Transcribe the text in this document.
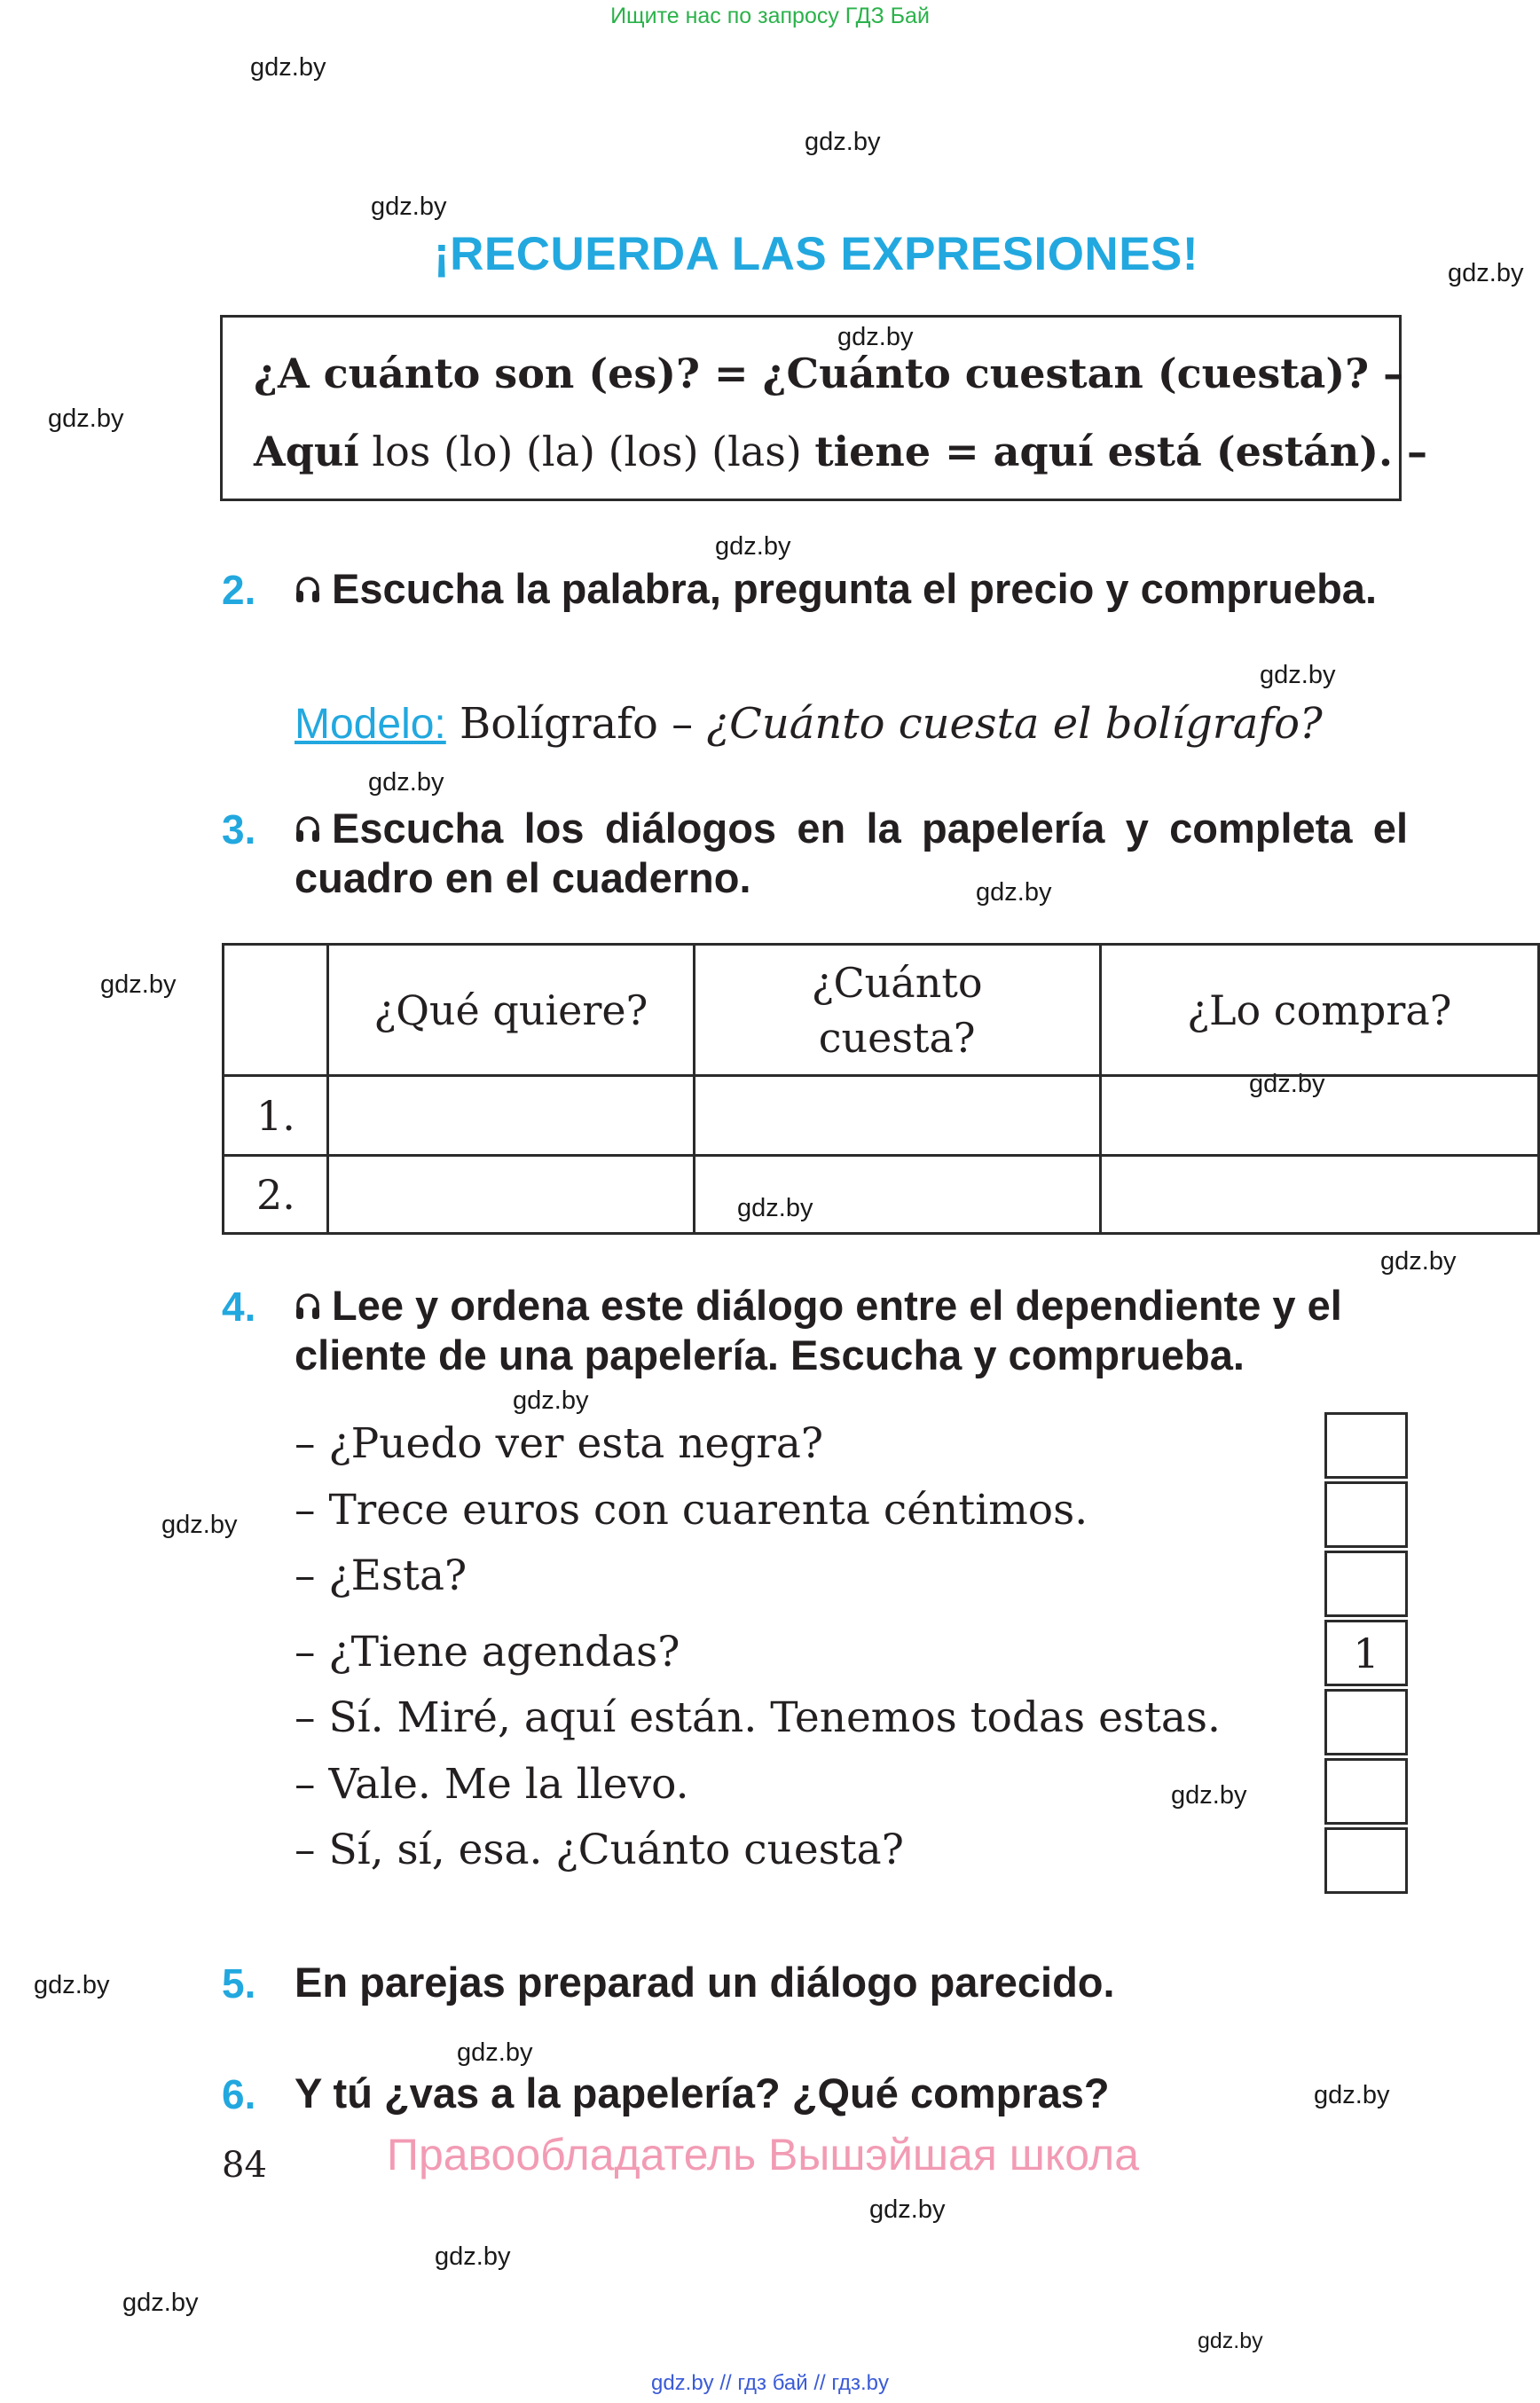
Ищите нас по запросу ГДЗ Бай
gdz.by
gdz.by
gdz.by
gdz.by
gdz.by
gdz.by
gdz.by
gdz.by
gdz.by
gdz.by
gdz.by
gdz.by
gdz.by
gdz.by
gdz.by
gdz.by
gdz.by
gdz.by
gdz.by
gdz.by
gdz.by
gdz.by
gdz.by
gdz.by
¡RECUERDA LAS EXPRESIONES!
¿A cuánto son (es)? = ¿Cuánto cuestan (cuesta)? –
Aquí los (lo) (la) (los) (las) tiene = aquí está (están). –
2.	Escucha la palabra, pregunta el precio y comprueba.
Modelo: Bolígrafo – ¿Cuánto cuesta el bolígrafo?
3.	Escucha los diálogos en la papelería y completa el cuadro en el cuaderno.
	¿Qué quiere?	¿Cuánto cuesta?	¿Lo compra?
1.			
2.			
4.	Lee y ordena este diálogo entre el dependiente y el cliente de una papelería. Escucha y comprueba.
– ¿Puedo ver esta negra?
– Trece euros con cuarenta céntimos.
– ¿Esta?
– ¿Tiene agendas?
– Sí. Miré, aquí están. Tenemos todas estas.
– Vale. Me la llevo.
– Sí, sí, esa. ¿Cuánto cuesta?
1
5. En parejas preparad un diálogo parecido.
6. Y tú ¿vas a la papelería? ¿Qué compras?
84	Правообладатель Вышэйшая школа
gdz.by // гдз бай // гдз.by
